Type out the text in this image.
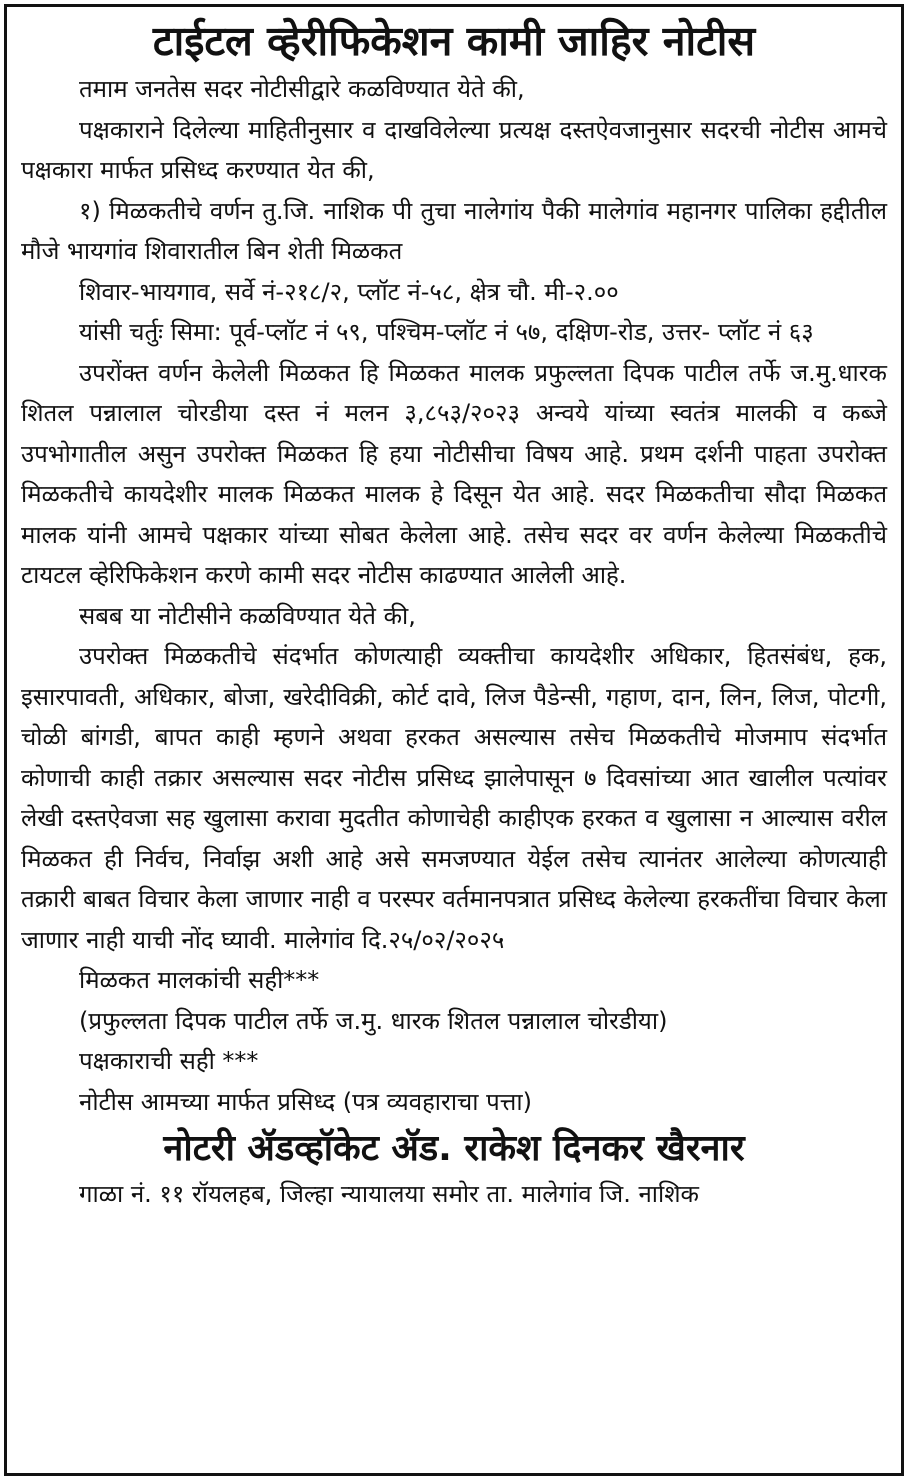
टाईटल व्हेरीफिकेशन कामी जाहिर नोटीस

तमाम जनतेस सदर नोटीसीद्वारे कळविण्यात येते की,

पक्षकाराने दिलेल्या माहितीनुसार व दाखविलेल्या प्रत्यक्ष दस्तऐवजानुसार सदरची नोटीस आमचे पक्षकारा मार्फत प्रसिध्द करण्यात येत की,

१) मिळकतीचे वर्णन तु.जि. नाशिक पी तुचा नालेगांय पैकी मालेगांव महानगर पालिका हद्दीतील मौजे भायगांव शिवारातील बिन शेती मिळकत

शिवार-भायगाव, सर्वे नं-२१८/२, प्लॉट नं-५८, क्षेत्र चौ. मी-२.००

यांसी चर्तुः सिमा: पूर्व-प्लॉट नं ५९, पश्चिम-प्लॉट नं ५७, दक्षिण-रोड, उत्तर- प्लॉट नं ६३

उपरोंक्त वर्णन केलेली मिळकत हि मिळकत मालक प्रफुल्लता दिपक पाटील तर्फे ज.मु.धारक शितल पन्नालाल चोरडीया दस्त नं मलन ३,८५३/२०२३ अन्वये यांच्या स्वतंत्र मालकी व कब्जे उपभोगातील असुन उपरोक्त मिळकत हि हया नोटीसीचा विषय आहे. प्रथम दर्शनी पाहता उपरोक्त मिळकतीचे कायदेशीर मालक मिळकत मालक हे दिसून येत आहे. सदर मिळकतीचा सौदा मिळकत मालक यांनी आमचे पक्षकार यांच्या सोबत केलेला आहे. तसेच सदर वर वर्णन केलेल्या मिळकतीचे टायटल व्हेरिफिकेशन करणे कामी सदर नोटीस काढण्यात आलेली आहे.

सबब या नोटीसीने कळविण्यात येते की,

उपरोक्त मिळकतीचे संदर्भात कोणत्याही व्यक्तीचा कायदेशीर अधिकार, हितसंबंध, हक, इसारपावती, अधिकार, बोजा, खरेदीविक्री, कोर्ट दावे, लिज पैडेन्सी, गहाण, दान, लिन, लिज, पोटगी, चोळी बांगडी, बापत काही म्हणने अथवा हरकत असल्यास तसेच मिळकतीचे मोजमाप संदर्भात कोणाची काही तक्रार असल्यास सदर नोटीस प्रसिध्द झालेपासून ७ दिवसांच्या आत खालील पत्यांवर लेखी दस्तऐवजा सह खुलासा करावा मुदतीत कोणाचेही काहीएक हरकत व खुलासा न आल्यास वरील मिळकत ही निर्वच, निर्वाझ अशी आहे असे समजण्यात येईल तसेच त्यानंतर आलेल्या कोणत्याही तक्रारी बाबत विचार केला जाणार नाही व परस्पर वर्तमानपत्रात प्रसिध्द केलेल्या हरकतींचा विचार केला जाणार नाही याची नोंद घ्यावी. मालेगांव दि.२५/०२/२०२५

मिळकत मालकांची सही***

(प्रफुल्लता दिपक पाटील तर्फे ज.मु. धारक शितल पन्नालाल चोरडीया)

पक्षकाराची सही ***

नोटीस आमच्या मार्फत प्रसिध्द (पत्र व्यवहाराचा पत्ता)

नोटरी ॲडव्हॉकेट ॲड. राकेश दिनकर खैरनार
गाळा नं. ११ रॉयलहब, जिल्हा न्यायालया समोर ता. मालेगांव जि. नाशिक
